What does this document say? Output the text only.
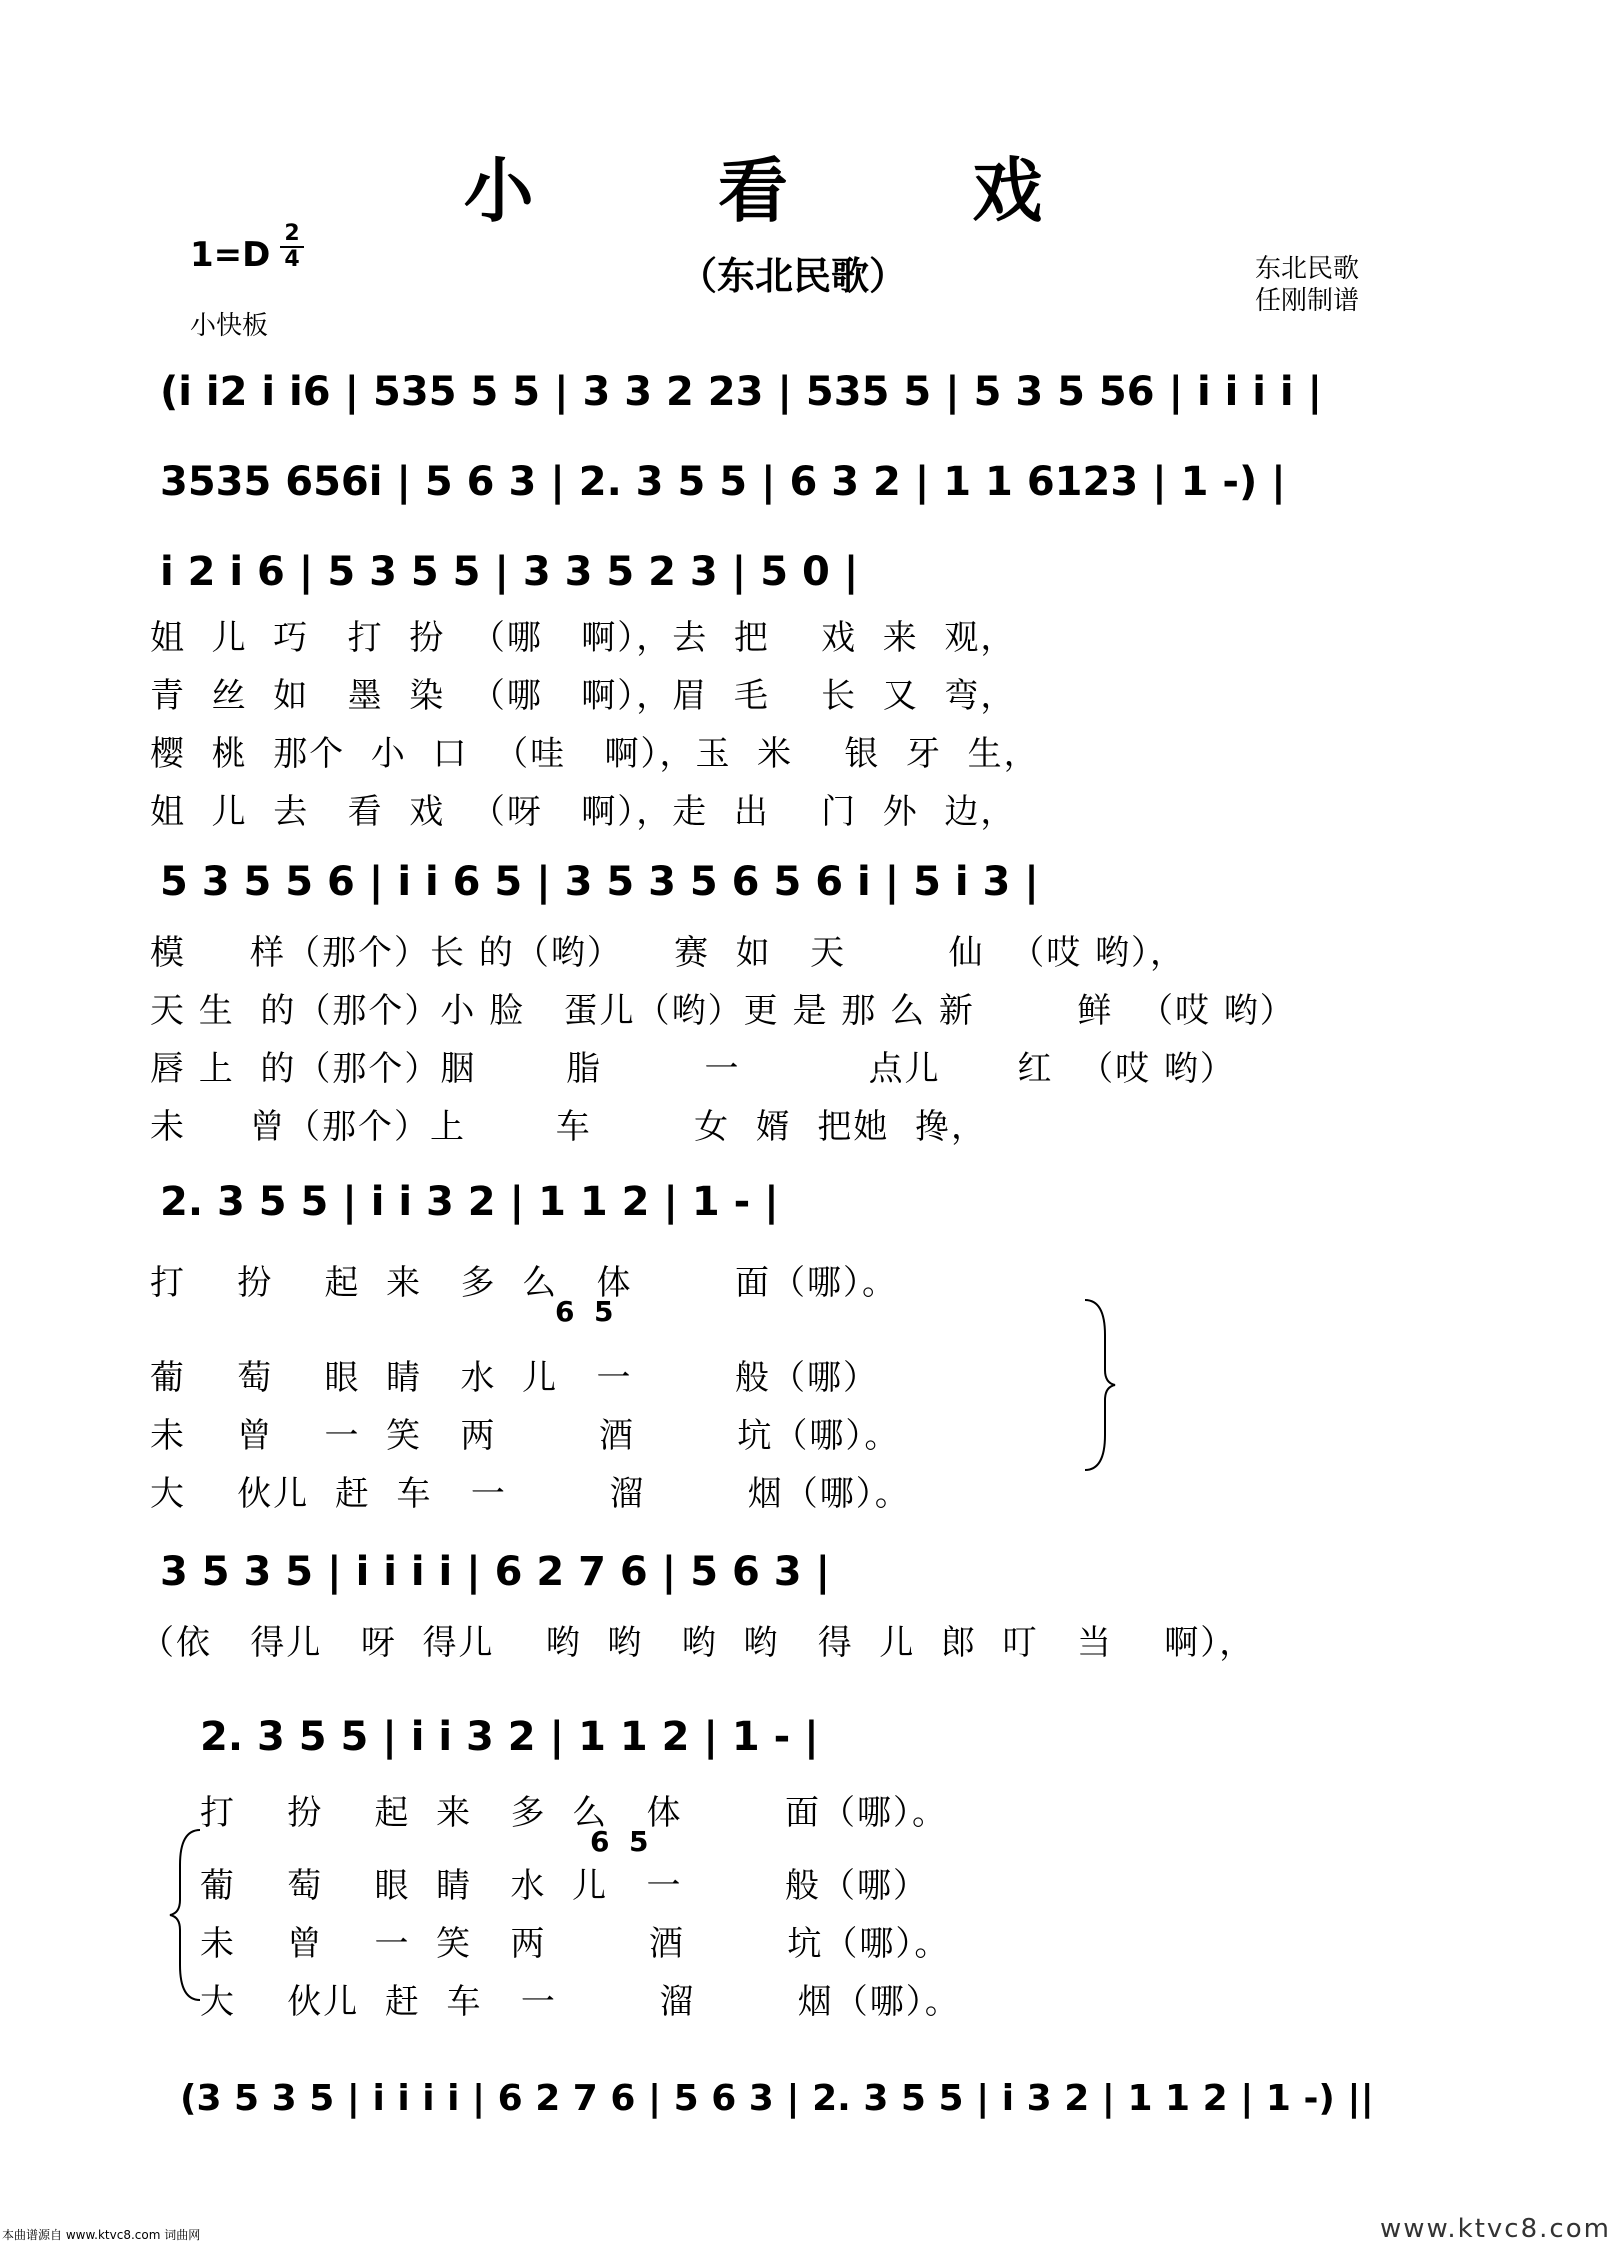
小 看 戏
（东北民歌）
$1=D \frac{2}{4}$
小快板
东北民歌
任刚制谱
(i i2 i i6 | 535 5 5 | 3 3 2 23 | 535 5 | 5 3 5 56 | i i i i |
3535 656i | 5 6 3 | 2. 3 5 5 | 6 3 2 | 1 1 6123 | 1 -) |
i 2 i 6 | 5 3 5 5 | 3 3 5 2 3 | 5 0 |
姐  儿  巧   打  扮  （哪   啊），去  把    戏  来  观，
青  丝  如   墨  染  （哪   啊），眉  毛    长  又  弯，
樱  桃  那个  小  口  （哇   啊），玉  米    银  牙  生，
姐  儿  去   看  戏  （呀   啊），走  出    门  外  边，
5 3 5 5 6 | i i 6 5 | 3 5 3 5 6 5 6 i | 5 i 3 |
模     样（那个）长 的（哟）    赛  如   天        仙  （哎 哟），
天 生  的（那个）小 脸   蛋儿（哟）更 是 那 么 新        鲜  （哎 哟）
唇 上  的（那个）胭       脂        一          点儿      红  （哎 哟）
未     曾（那个）上       车        女  婿  把她  搀，
2. 3 5 5 | i i 3 2 | 1 1 2 | 1 - |
打    扮    起  来   多  么   体        面（哪）。
6  5
葡    萄    眼  睛   水  儿   一        般（哪）
未    曾    一  笑   两        酒        坑（哪）。
大    伙儿  赶  车   一        溜        烟（哪）。
3 5 3 5 | i i i i | 6 2 7 6 | 5 6 3 |
（依   得儿   呀  得儿    哟  哟   哟  哟   得  儿  郎  叮   当    啊），
2. 3 5 5 | i i 3 2 | 1 1 2 | 1 - |
打    扮    起  来   多  么   体        面（哪）。
6  5
葡    萄    眼  睛   水  儿   一        般（哪）
未    曾    一  笑   两        酒        坑（哪）。
大    伙儿  赶  车   一        溜        烟（哪）。
(3 5 3 5 | i i i i | 6 2 7 6 | 5 6 3 | 2. 3 5 5 | i 3 2 | 1 1 2 | 1 -) ||
本曲谱源自 www.ktvc8.com 词曲网	www.ktvc8.com
